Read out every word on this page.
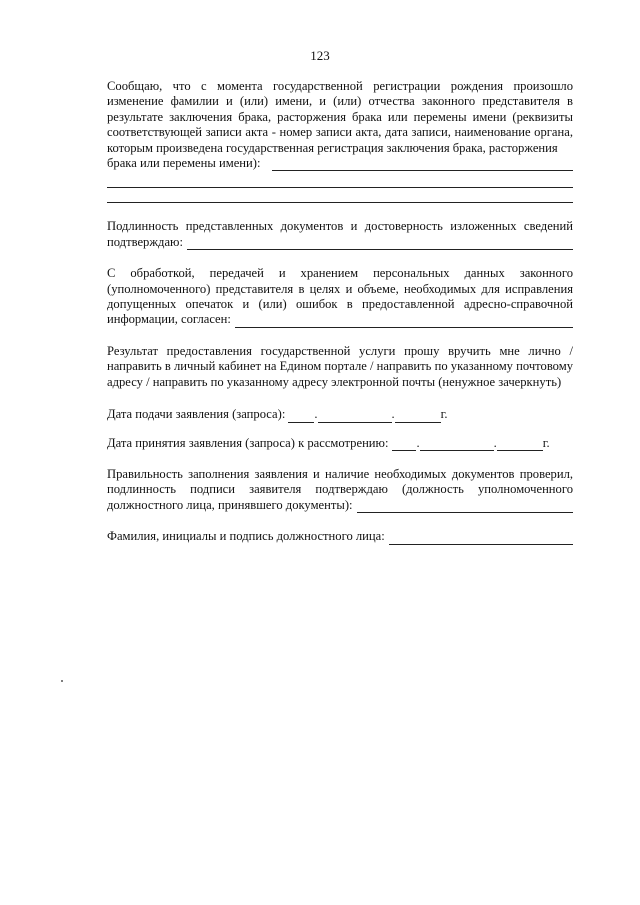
123

Сообщаю, что с момента государственной регистрации рождения произошло изменение фамилии и (или) имени, и (или) отчества законного представителя в результате заключения брака, расторжения брака или перемены имени (реквизиты соответствующей записи акта - номер записи акта, дата записи, наименование органа, которым произведена государственная регистрация заключения брака, расторжения

брака или перемены имени):

Подлинность представленных документов и достоверность изложенных сведений

подтверждаю:

С обработкой, передачей и хранением персональных данных законного (уполномоченного) представителя в целях и объеме, необходимых для исправления допущенных опечаток и (или) ошибок в предоставленной адресно-справочной

информации, согласен:

Результат предоставления государственной услуги прошу вручить мне лично / направить в личный кабинет на Едином портале / направить по указанному почтовому адресу / направить по указанному адресу электронной почты (ненужное зачеркнуть)

Дата подачи заявления (запроса): .	.	г.
Дата принятия заявления (запроса) к рассмотрению: .	.	г.

Правильность заполнения заявления и наличие необходимых документов проверил, подлинность подписи заявителя подтверждаю (должность уполномоченного

должностного лица, принявшего документы):
Фамилия, инициалы и подпись должностного лица:
